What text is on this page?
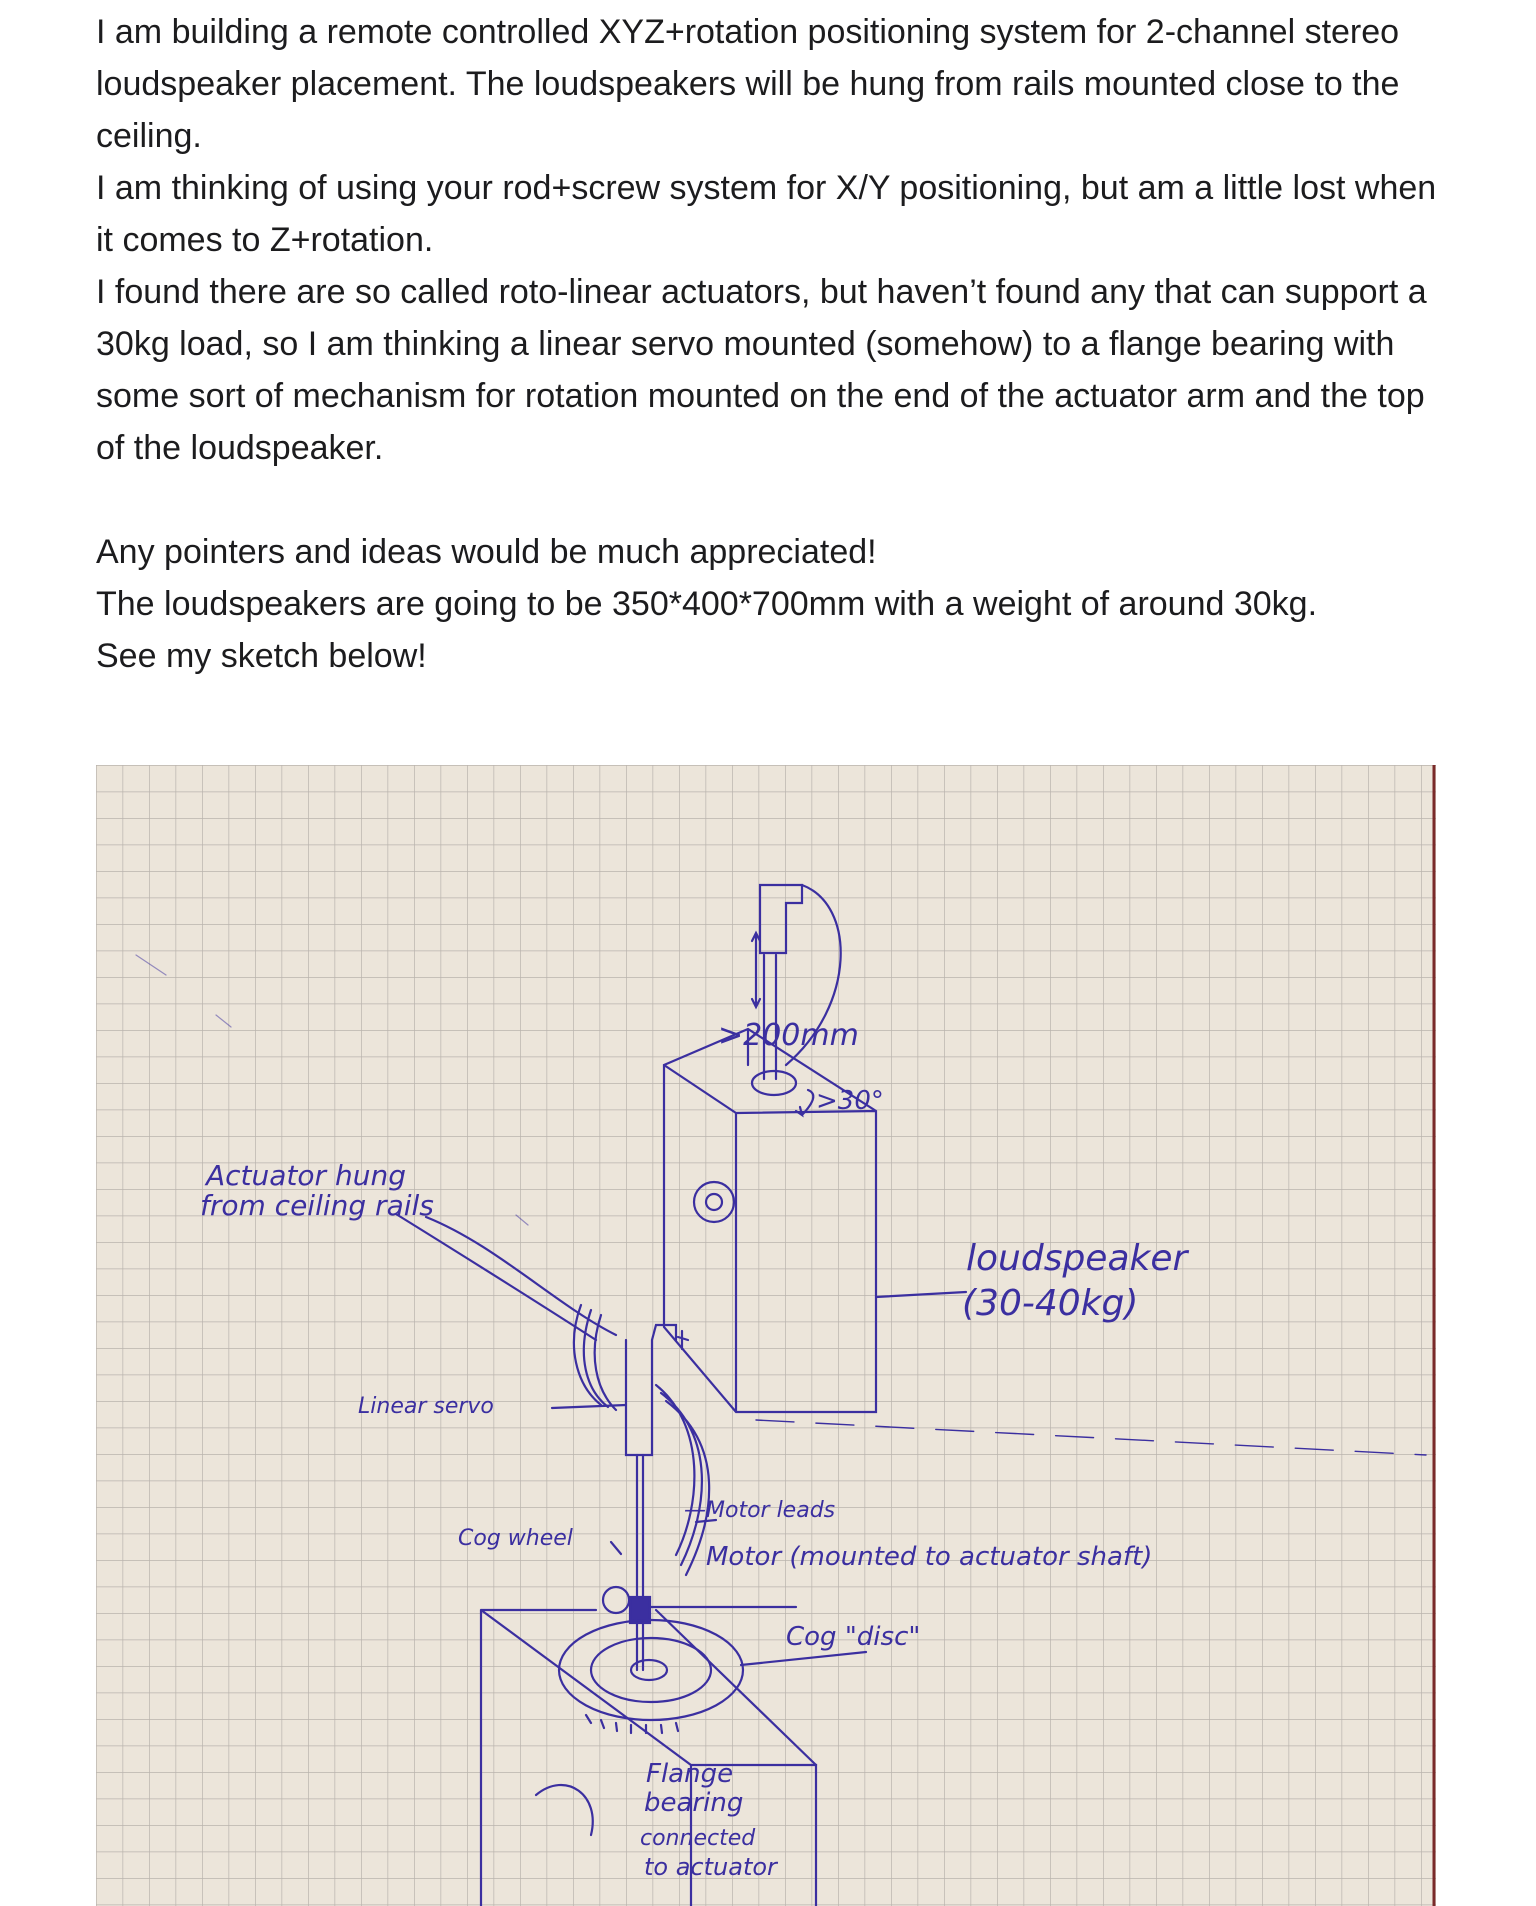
I am building a remote controlled XYZ+rotation positioning system for 2-channel stereo loudspeaker placement. The loudspeakers will be hung from rails mounted close to the ceiling.

I am thinking of using your rod+screw system for X/Y positioning, but am a little lost when it comes to Z+rotation.

I found there are so called roto-linear actuators, but haven’t found any that can support a 30kg load, so I am thinking a linear servo mounted (somehow) to a flange bearing with some sort of mechanism for rotation mounted on the end of the actuator arm and the top of the loudspeaker.

Any pointers and ideas would be much appreciated!

The loudspeakers are going to be 350*400*700mm with a weight of around 30kg.

See my sketch below!

>200mm
>30°
Actuator hung
from ceiling rails
loudspeaker
(30-40kg)
Linear servo
—Motor leads
Cog wheel
Motor (mounted to actuator shaft)
Cog "disc"
Flange
bearing
connected
to actuator
